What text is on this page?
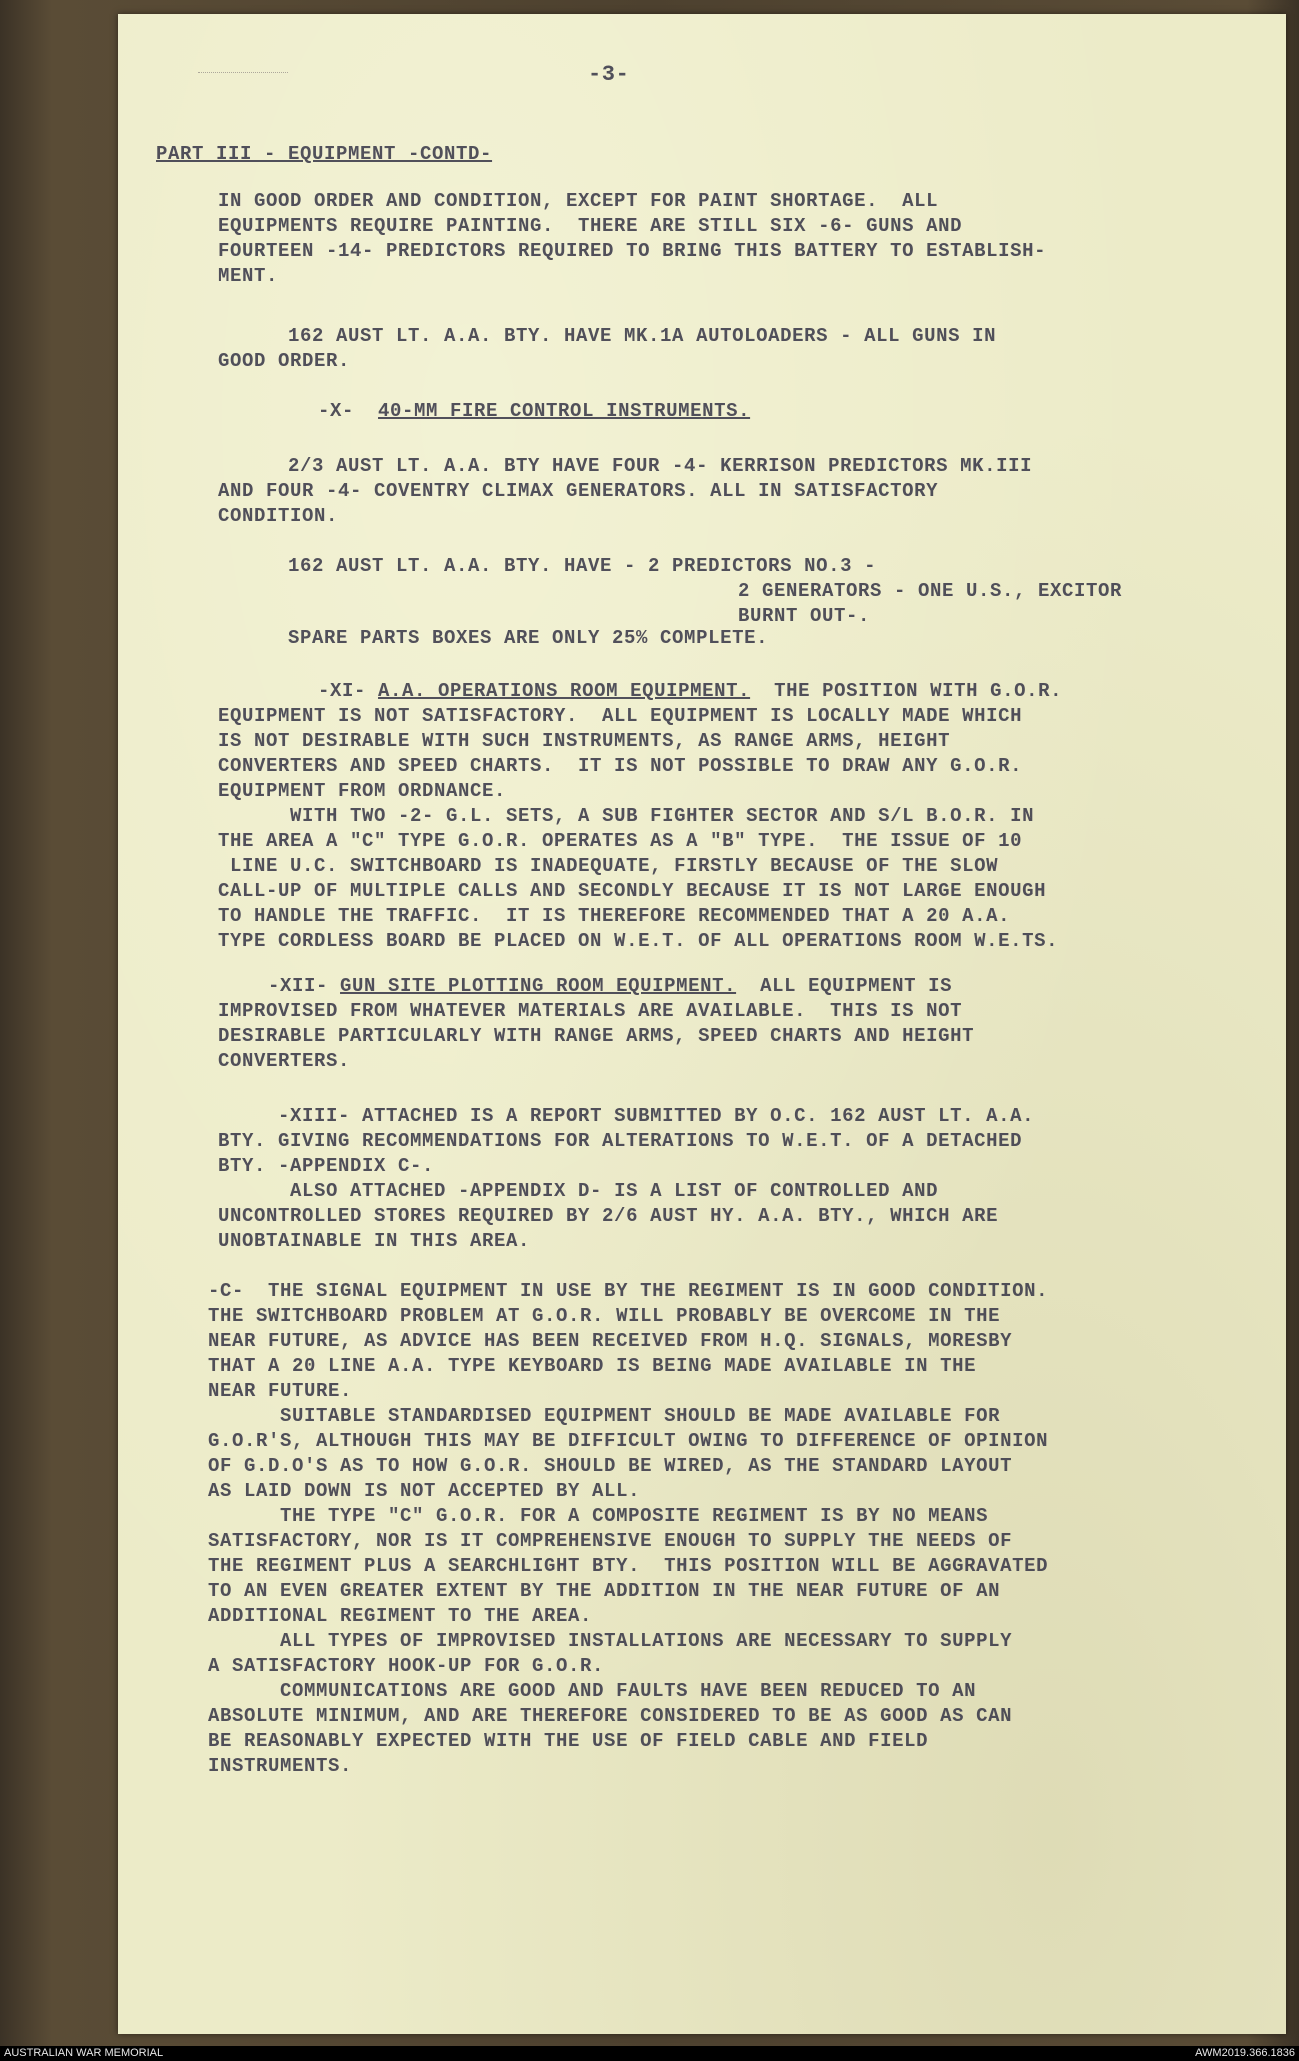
-3-

PART III - EQUIPMENT -CONTD-

IN GOOD ORDER AND CONDITION, EXCEPT FOR PAINT SHORTAGE.  ALL
EQUIPMENTS REQUIRE PAINTING.  THERE ARE STILL SIX -6- GUNS AND
FOURTEEN -14- PREDICTORS REQUIRED TO BRING THIS BATTERY TO ESTABLISH-
MENT.

162 AUST LT. A.A. BTY. HAVE MK.1A AUTOLOADERS - ALL GUNS IN
GOOD ORDER.

-X- 40-MM FIRE CONTROL INSTRUMENTS.

2/3 AUST LT. A.A. BTY HAVE FOUR -4- KERRISON PREDICTORS MK.III
AND FOUR -4- COVENTRY CLIMAX GENERATORS. ALL IN SATISFACTORY
CONDITION.

162 AUST LT. A.A. BTY. HAVE - 2 PREDICTORS NO.3 -

2 GENERATORS - ONE U.S., EXCITOR
BURNT OUT-.

SPARE PARTS BOXES ARE ONLY 25% COMPLETE.

-XI- A.A. OPERATIONS ROOM EQUIPMENT.  THE POSITION WITH G.O.R.

EQUIPMENT IS NOT SATISFACTORY.  ALL EQUIPMENT IS LOCALLY MADE WHICH
IS NOT DESIRABLE WITH SUCH INSTRUMENTS, AS RANGE ARMS, HEIGHT
CONVERTERS AND SPEED CHARTS.  IT IS NOT POSSIBLE TO DRAW ANY G.O.R.
EQUIPMENT FROM ORDNANCE.
WITH TWO -2- G.L. SETS, A SUB FIGHTER SECTOR AND S/L B.O.R. IN
THE AREA A "C" TYPE G.O.R. OPERATES AS A "B" TYPE.  THE ISSUE OF 10
LINE U.C. SWITCHBOARD IS INADEQUATE, FIRSTLY BECAUSE OF THE SLOW
CALL-UP OF MULTIPLE CALLS AND SECONDLY BECAUSE IT IS NOT LARGE ENOUGH
TO HANDLE THE TRAFFIC.  IT IS THEREFORE RECOMMENDED THAT A 20 A.A.
TYPE CORDLESS BOARD BE PLACED ON W.E.T. OF ALL OPERATIONS ROOM W.E.TS.

-XII- GUN SITE PLOTTING ROOM EQUIPMENT.  ALL EQUIPMENT IS

IMPROVISED FROM WHATEVER MATERIALS ARE AVAILABLE.  THIS IS NOT
DESIRABLE PARTICULARLY WITH RANGE ARMS, SPEED CHARTS AND HEIGHT
CONVERTERS.

-XIII- ATTACHED IS A REPORT SUBMITTED BY O.C. 162 AUST LT. A.A.
BTY. GIVING RECOMMENDATIONS FOR ALTERATIONS TO W.E.T. OF A DETACHED
BTY. -APPENDIX C-.
ALSO ATTACHED -APPENDIX D- IS A LIST OF CONTROLLED AND
UNCONTROLLED STORES REQUIRED BY 2/6 AUST HY. A.A. BTY., WHICH ARE
UNOBTAINABLE IN THIS AREA.

-C-  THE SIGNAL EQUIPMENT IN USE BY THE REGIMENT IS IN GOOD CONDITION.
THE SWITCHBOARD PROBLEM AT G.O.R. WILL PROBABLY BE OVERCOME IN THE
NEAR FUTURE, AS ADVICE HAS BEEN RECEIVED FROM H.Q. SIGNALS, MORESBY
THAT A 20 LINE A.A. TYPE KEYBOARD IS BEING MADE AVAILABLE IN THE
NEAR FUTURE.
SUITABLE STANDARDISED EQUIPMENT SHOULD BE MADE AVAILABLE FOR
G.O.R'S, ALTHOUGH THIS MAY BE DIFFICULT OWING TO DIFFERENCE OF OPINION
OF G.D.O'S AS TO HOW G.O.R. SHOULD BE WIRED, AS THE STANDARD LAYOUT
AS LAID DOWN IS NOT ACCEPTED BY ALL.
THE TYPE "C" G.O.R. FOR A COMPOSITE REGIMENT IS BY NO MEANS
SATISFACTORY, NOR IS IT COMPREHENSIVE ENOUGH TO SUPPLY THE NEEDS OF
THE REGIMENT PLUS A SEARCHLIGHT BTY.  THIS POSITION WILL BE AGGRAVATED
TO AN EVEN GREATER EXTENT BY THE ADDITION IN THE NEAR FUTURE OF AN
ADDITIONAL REGIMENT TO THE AREA.
ALL TYPES OF IMPROVISED INSTALLATIONS ARE NECESSARY TO SUPPLY
A SATISFACTORY HOOK-UP FOR G.O.R.
COMMUNICATIONS ARE GOOD AND FAULTS HAVE BEEN REDUCED TO AN
ABSOLUTE MINIMUM, AND ARE THEREFORE CONSIDERED TO BE AS GOOD AS CAN
BE REASONABLY EXPECTED WITH THE USE OF FIELD CABLE AND FIELD
INSTRUMENTS.

AUSTRALIAN WAR MEMORIAL	AWM2019.366.1836
